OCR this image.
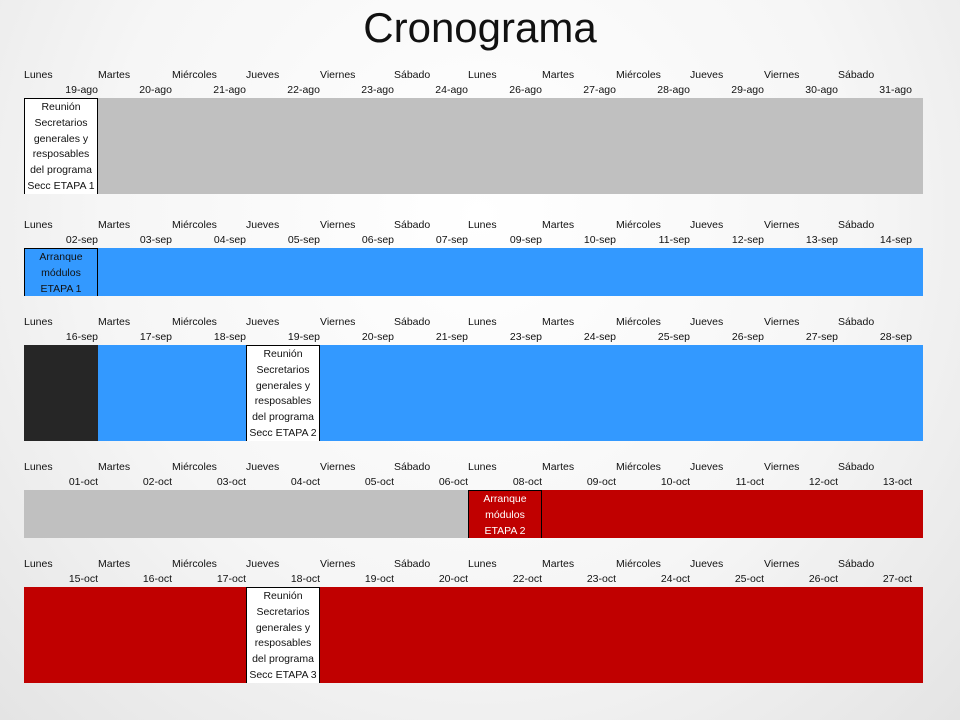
Cronograma
Lunes	Martes	Miércoles	Jueves	Viernes	Sábado	Lunes	Martes	Miércoles	Jueves	Viernes	Sábado
19-ago	20-ago	21-ago	22-ago	23-ago	24-ago	26-ago	27-ago	28-ago	29-ago	30-ago	31-ago
Reunión Secretarios generales y resposables del programa Secc ETAPA 1
Lunes	Martes	Miércoles	Jueves	Viernes	Sábado	Lunes	Martes	Miércoles	Jueves	Viernes	Sábado
02-sep	03-sep	04-sep	05-sep	06-sep	07-sep	09-sep	10-sep	11-sep	12-sep	13-sep	14-sep
Arranque módulos ETAPA 1
Lunes	Martes	Miércoles	Jueves	Viernes	Sábado	Lunes	Martes	Miércoles	Jueves	Viernes	Sábado
16-sep	17-sep	18-sep	19-sep	20-sep	21-sep	23-sep	24-sep	25-sep	26-sep	27-sep	28-sep
Reunión Secretarios generales y resposables del programa Secc ETAPA 2
Lunes	Martes	Miércoles	Jueves	Viernes	Sábado	Lunes	Martes	Miércoles	Jueves	Viernes	Sábado
01-oct	02-oct	03-oct	04-oct	05-oct	06-oct	08-oct	09-oct	10-oct	11-oct	12-oct	13-oct
Arranque módulos ETAPA 2
Lunes	Martes	Miércoles	Jueves	Viernes	Sábado	Lunes	Martes	Miércoles	Jueves	Viernes	Sábado
15-oct	16-oct	17-oct	18-oct	19-oct	20-oct	22-oct	23-oct	24-oct	25-oct	26-oct	27-oct
Reunión Secretarios generales y resposables del programa Secc ETAPA 3
